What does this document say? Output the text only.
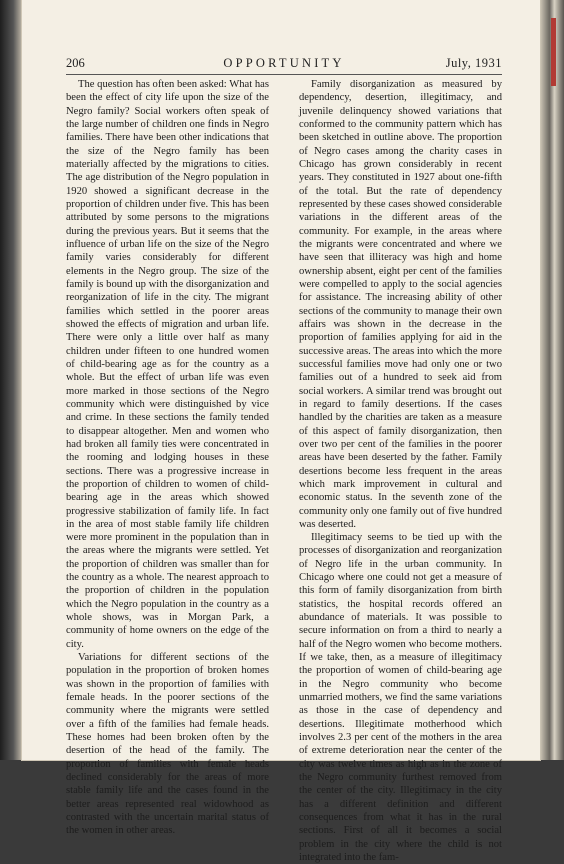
206	OPPORTUNITY	July, 1931

The question has often been asked: What has been the effect of city life upon the size of the Negro family? Social workers often speak of the large number of children one finds in Negro families. There have been other indications that the size of the Negro family has been materially affected by the migrations to cities. The age distribution of the Negro population in 1920 showed a significant decrease in the proportion of children under five. This has been attributed by some persons to the migrations during the previous years. But it seems that the influence of urban life on the size of the Negro family varies considerably for different elements in the Negro group. The size of the family is bound up with the disorganization and reorganization of life in the city. The migrant families which settled in the poorer areas showed the effects of migration and urban life. There were only a little over half as many children under fifteen to one hundred women of child-bearing age as for the country as a whole. But the effect of urban life was even more marked in those sections of the Negro community which were distinguished by vice and crime. In these sections the family tended to disappear altogether. Men and women who had broken all family ties were concentrated in the rooming and lodging houses in these sections. There was a progressive increase in the proportion of children to women of child-bearing age in the areas which showed progressive stabilization of family life. In fact in the area of most stable family life children were more prominent in the population than in the areas where the migrants were settled. Yet the proportion of children was smaller than for the country as a whole. The nearest approach to the proportion of children in the population which the Negro population in the country as a whole shows, was in Morgan Park, a community of home owners on the edge of the city.

Variations for different sections of the population in the proportion of broken homes was shown in the proportion of families with female heads. In the poorer sections of the community where the migrants were settled over a fifth of the families had female heads. These homes had been broken often by the desertion of the head of the family. The proportion of families with female heads declined considerably for the areas of more stable family life and the cases found in the better areas represented real widowhood as contrasted with the uncertain marital status of the women in other areas.

Family disorganization as measured by dependency, desertion, illegitimacy, and juvenile delinquency showed variations that conformed to the community pattern which has been sketched in outline above. The proportion of Negro cases among the charity cases in Chicago has grown considerably in recent years. They constituted in 1927 about one-fifth of the total. But the rate of dependency represented by these cases showed considerable variations in the different areas of the community. For example, in the areas where the migrants were concentrated and where we have seen that illiteracy was high and home ownership absent, eight per cent of the families were compelled to apply to the social agencies for assistance. The increasing ability of other sections of the community to manage their own affairs was shown in the decrease in the proportion of families applying for aid in the successive areas. The areas into which the more successful families move had only one or two families out of a hundred to seek aid from social workers. A similar trend was brought out in regard to family desertions. If the cases handled by the charities are taken as a measure of this aspect of family disorganization, then over two per cent of the families in the poorer areas have been deserted by the father. Family desertions become less frequent in the areas which mark improvement in cultural and economic status. In the seventh zone of the community only one family out of five hundred was deserted.

Illegitimacy seems to be tied up with the processes of disorganization and reorganization of Negro life in the urban community. In Chicago where one could not get a measure of this form of family disorganization from birth statistics, the hospital records offered an abundance of materials. It was possible to secure information on from a third to nearly a half of the Negro women who become mothers. If we take, then, as a measure of illegitimacy the proportion of women of child-bearing age in the Negro community who become unmarried mothers, we find the same variations as those in the case of dependency and desertions. Illegitimate motherhood which involves 2.3 per cent of the mothers in the area of extreme deterioration near the center of the city was twelve times as high as in the zone of the Negro community furthest removed from the center of the city. Illegitimacy in the city has a different definition and different consequences from what it has in the rural sections. First of all it becomes a social problem in the city where the child is not integrated into the fam-
